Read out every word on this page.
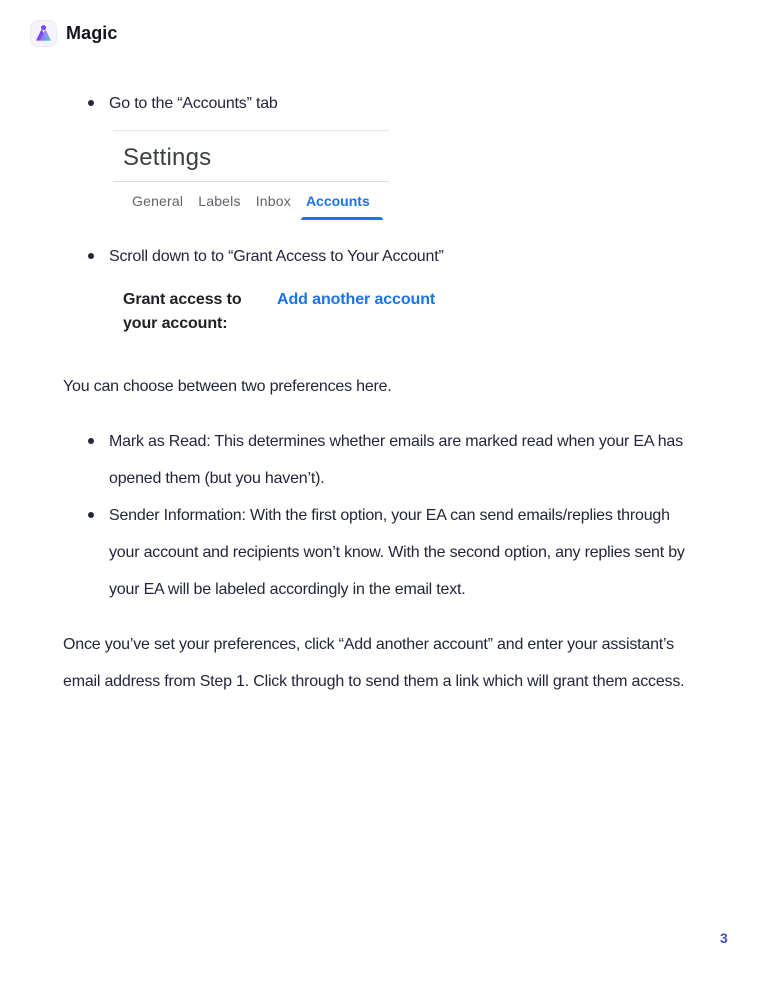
Magic
Go to the “Accounts” tab
Settings
General Labels Inbox Accounts
Scroll down to to “Grant Access to Your Account”
Grant access to
your account:
Add another account
You can choose between two preferences here.
Mark as Read: This determines whether emails are marked read when your EA has
opened them (but you haven’t).
Sender Information: With the first option, your EA can send emails/replies through
your account and recipients won’t know. With the second option, any replies sent by
your EA will be labeled accordingly in the email text.
Once you’ve set your preferences, click “Add another account” and enter your assistant’s
email address from Step 1. Click through to send them a link which will grant them access.
3
